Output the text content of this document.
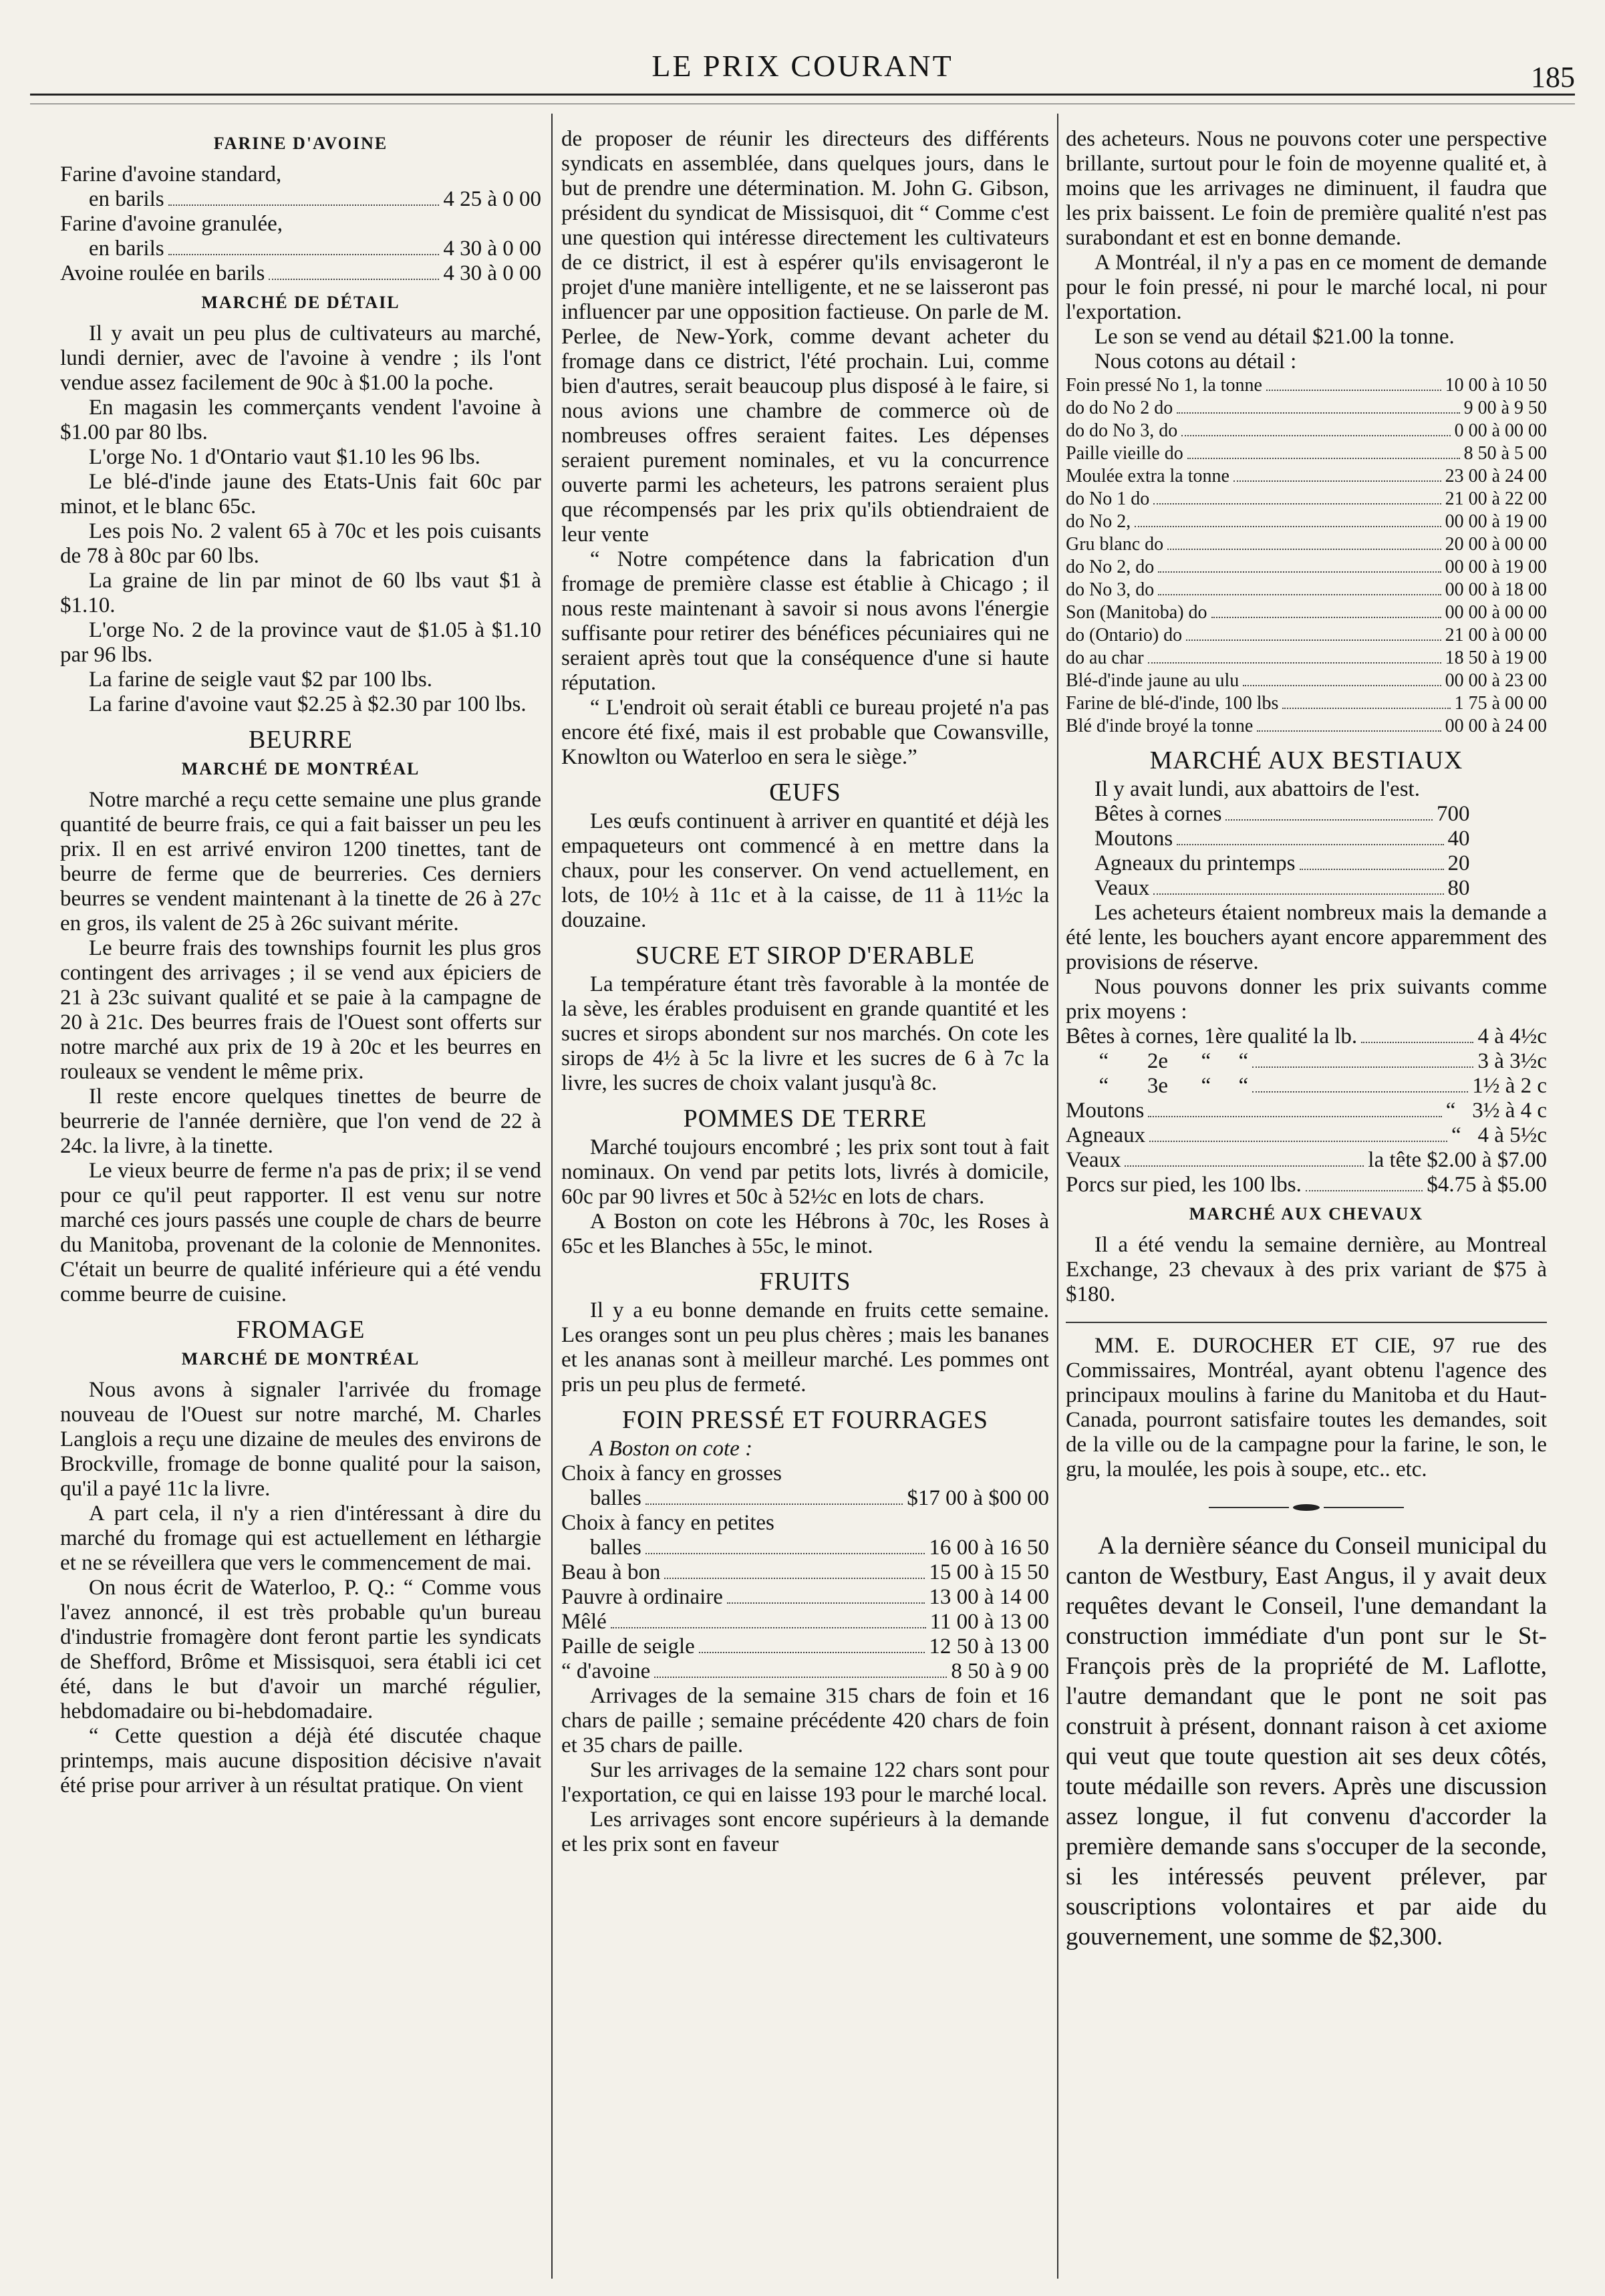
LE PRIX COURANT	185
FARINE D'AVOINE
Farine d'avoine standard,
en barils	4 25 à 0 00
Farine d'avoine granulée,
en barils	4 30 à 0 00
Avoine roulée en barils	4 30 à 0 00
MARCHÉ DE DÉTAIL

Il y avait un peu plus de cultivateurs au marché, lundi dernier, avec de l'avoine à vendre ; ils l'ont vendue assez facilement de 90c à $1.00 la poche.

En magasin les commerçants vendent l'avoine à $1.00 par 80 lbs.

L'orge No. 1 d'Ontario vaut $1.10 les 96 lbs.

Le blé-d'inde jaune des Etats-Unis fait 60c par minot, et le blanc 65c.

Les pois No. 2 valent 65 à 70c et les pois cuisants de 78 à 80c par 60 lbs.

La graine de lin par minot de 60 lbs vaut $1 à $1.10.

L'orge No. 2 de la province vaut de $1.05 à $1.10 par 96 lbs.

La farine de seigle vaut $2 par 100 lbs.

La farine d'avoine vaut $2.25 à $2.30 par 100 lbs.

BEURRE
MARCHÉ DE MONTRÉAL

Notre marché a reçu cette semaine une plus grande quantité de beurre frais, ce qui a fait baisser un peu les prix. Il en est arrivé environ 1200 tinettes, tant de beurre de ferme que de beurreries. Ces derniers beurres se vendent maintenant à la tinette de 26 à 27c en gros, ils valent de 25 à 26c suivant mérite.

Le beurre frais des townships fournit les plus gros contingent des arrivages ; il se vend aux épiciers de 21 à 23c suivant qualité et se paie à la campagne de 20 à 21c. Des beurres frais de l'Ouest sont offerts sur notre marché aux prix de 19 à 20c et les beurres en rouleaux se vendent le même prix.

Il reste encore quelques tinettes de beurre de beurrerie de l'année dernière, que l'on vend de 22 à 24c. la livre, à la tinette.

Le vieux beurre de ferme n'a pas de prix; il se vend pour ce qu'il peut rapporter. Il est venu sur notre marché ces jours passés une couple de chars de beurre du Manitoba, provenant de la colonie de Mennonites. C'était un beurre de qualité inférieure qui a été vendu comme beurre de cuisine.

FROMAGE
MARCHÉ DE MONTRÉAL

Nous avons à signaler l'arrivée du fromage nouveau de l'Ouest sur notre marché, M. Charles Langlois a reçu une dizaine de meules des environs de Brockville, fromage de bonne qualité pour la saison, qu'il a payé 11c la livre.

A part cela, il n'y a rien d'intéressant à dire du marché du fromage qui est actuellement en léthargie et ne se réveillera que vers le commencement de mai.

On nous écrit de Waterloo, P. Q.: “ Comme vous l'avez annoncé, il est très probable qu'un bureau d'industrie fromagère dont feront partie les syndicats de Shefford, Brôme et Missisquoi, sera établi ici cet été, dans le but d'avoir un marché régulier, hebdomadaire ou bi-hebdomadaire.

“ Cette question a déjà été discutée chaque printemps, mais aucune disposition décisive n'avait été prise pour arriver à un résultat pratique. On vient

de proposer de réunir les directeurs des différents syndicats en assemblée, dans quelques jours, dans le but de prendre une détermination. M. John G. Gibson, président du syndicat de Missisquoi, dit “ Comme c'est une question qui intéresse directement les cultivateurs de ce district, il est à espérer qu'ils envisageront le projet d'une manière intelligente, et ne se laisseront pas influencer par une opposition factieuse. On parle de M. Perlee, de New-York, comme devant acheter du fromage dans ce district, l'été prochain. Lui, comme bien d'autres, serait beaucoup plus disposé à le faire, si nous avions une chambre de commerce où de nombreuses offres seraient faites. Les dépenses seraient purement nominales, et vu la concurrence ouverte parmi les acheteurs, les patrons seraient plus que récompensés par les prix qu'ils obtiendraient de leur vente

“ Notre compétence dans la fabrication d'un fromage de première classe est établie à Chicago ; il nous reste maintenant à savoir si nous avons l'énergie suffisante pour retirer des bénéfices pécuniaires qui ne seraient après tout que la conséquence d'une si haute réputation.

“ L'endroit où serait établi ce bureau projeté n'a pas encore été fixé, mais il est probable que Cowansville, Knowlton ou Waterloo en sera le siège.”

ŒUFS

Les œufs continuent à arriver en quantité et déjà les empaqueteurs ont commencé à en mettre dans la chaux, pour les conserver. On vend actuellement, en lots, de 10½ à 11c et à la caisse, de 11 à 11½c la douzaine.

SUCRE ET SIROP D'ERABLE

La température étant très favorable à la montée de la sève, les érables produisent en grande quantité et les sucres et sirops abondent sur nos marchés. On cote les sirops de 4½ à 5c la livre et les sucres de 6 à 7c la livre, les sucres de choix valant jusqu'à 8c.

POMMES DE TERRE

Marché toujours encombré ; les prix sont tout à fait nominaux. On vend par petits lots, livrés à domicile, 60c par 90 livres et 50c à 52½c en lots de chars.

A Boston on cote les Hébrons à 70c, les Roses à 65c et les Blanches à 55c, le minot.

FRUITS

Il y a eu bonne demande en fruits cette semaine. Les oranges sont un peu plus chères ; mais les bananes et les ananas sont à meilleur marché. Les pommes ont pris un peu plus de fermeté.

FOIN PRESSÉ ET FOURRAGES

A Boston on cote :

Choix à fancy en grosses
balles	$17 00 à $00 00
Choix à fancy en petites
balles	16 00 à 16 50
Beau à bon	15 00 à 15 50
Pauvre à ordinaire	13 00 à 14 00
Mêlé	11 00 à 13 00
Paille de seigle	12 50 à 13 00
“ d'avoine	8 50 à 9 00

Arrivages de la semaine 315 chars de foin et 16 chars de paille ; semaine précédente 420 chars de foin et 35 chars de paille.

Sur les arrivages de la semaine 122 chars sont pour l'exportation, ce qui en laisse 193 pour le marché local.

Les arrivages sont encore supérieurs à la demande et les prix sont en faveur

des acheteurs. Nous ne pouvons coter une perspective brillante, surtout pour le foin de moyenne qualité et, à moins que les arrivages ne diminuent, il faudra que les prix baissent. Le foin de première qualité n'est pas surabondant et est en bonne demande.

A Montréal, il n'y a pas en ce moment de demande pour le foin pressé, ni pour le marché local, ni pour l'exportation.

Le son se vend au détail $21.00 la tonne.

Nous cotons au détail :

Foin pressé No 1, la tonne	10 00 à 10 50
do do No 2 do	9 00 à 9 50
do do No 3, do	0 00 à 00 00
Paille vieille do	8 50 à 5 00
Moulée extra la tonne	23 00 à 24 00
do No 1 do	21 00 à 22 00
do No 2,	00 00 à 19 00
Gru blanc do	20 00 à 00 00
do No 2, do	00 00 à 19 00
do No 3, do	00 00 à 18 00
Son (Manitoba) do	00 00 à 00 00
do (Ontario) do	21 00 à 00 00
do au char	18 50 à 19 00
Blé-d'inde jaune au ulu	00 00 à 23 00
Farine de blé-d'inde, 100 lbs	1 75 à 00 00
Blé d'inde broyé la tonne	00 00 à 24 00
MARCHÉ AUX BESTIAUX

Il y avait lundi, aux abattoirs de l'est.

Bêtes à cornes	700
Moutons	40
Agneaux du printemps	20
Veaux	80

Les acheteurs étaient nombreux mais la demande a été lente, les bouchers ayant encore apparemment des provisions de réserve.

Nous pouvons donner les prix suivants comme prix moyens :

Bêtes à cornes, 1ère qualité la lb.	4 à 4½c
“       2e      “     “	3 à 3½c
“       3e      “     “	1½ à 2 c
Moutons	“   3½ à 4 c
Agneaux	“   4 à 5½c
Veaux	la tête $2.00 à $7.00
Porcs sur pied, les 100 lbs.	$4.75 à $5.00
MARCHÉ AUX CHEVAUX

Il a été vendu la semaine dernière, au Montreal Exchange, 23 chevaux à des prix variant de $75 à $180.

MM. E. DUROCHER ET CIE, 97 rue des Commissaires, Montréal, ayant obtenu l'agence des principaux moulins à farine du Manitoba et du Haut-Canada, pourront satisfaire toutes les demandes, soit de la ville ou de la campagne pour la farine, le son, le gru, la moulée, les pois à soupe, etc.. etc.

A la dernière séance du Conseil municipal du canton de Westbury, East Angus, il y avait deux requêtes devant le Conseil, l'une demandant la construction immédiate d'un pont sur le St-François près de la propriété de M. Laflotte, l'autre demandant que le pont ne soit pas construit à présent, donnant raison à cet axiome qui veut que toute question ait ses deux côtés, toute médaille son revers. Après une discussion assez longue, il fut convenu d'accorder la première demande sans s'occuper de la seconde, si les intéressés peuvent prélever, par souscriptions volontaires et par aide du gouvernement, une somme de $2,300.
